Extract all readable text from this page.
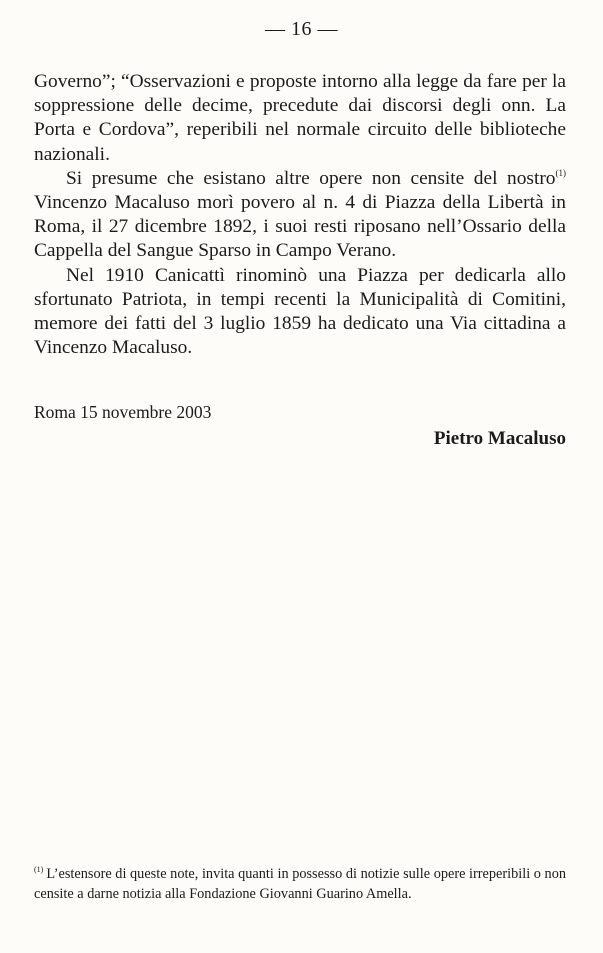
— 16 —

Governo”; “Osservazioni e proposte intorno alla legge da fare per la soppressione delle decime, precedute dai discorsi degli onn. La Porta e Cordova”, reperibili nel normale circuito delle biblioteche nazionali.

Si presume che esistano altre opere non censite del nostro$^{(1)}$ Vincenzo Macaluso morì povero al n. 4 di Piazza della Libertà in Roma, il 27 dicembre 1892, i suoi resti riposano nell’Ossario della Cappella del Sangue Sparso in Campo Verano.

Nel 1910 Canicattì rinominò una Piazza per dedicarla allo sfortunato Patriota, in tempi recenti la Municipalità di Comitini, memore dei fatti del 3 luglio 1859 ha dedicato una Via cittadina a Vincenzo Macaluso.

Roma 15 novembre 2003
Pietro Macaluso
$^{(1)}$ L’estensore di queste note, invita quanti in possesso di notizie sulle opere irreperibili o non censite a darne notizia alla Fondazione Giovanni Guarino Amella.
